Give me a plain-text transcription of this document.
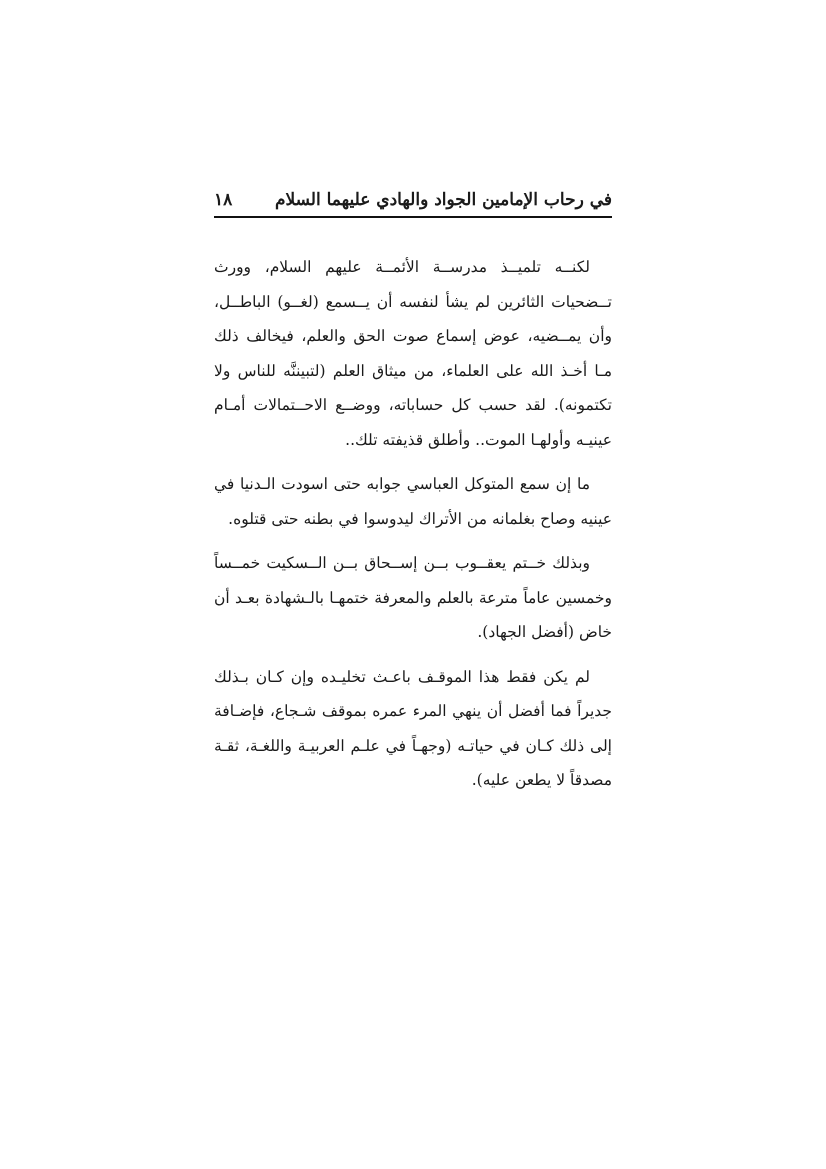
في رحاب الإمامين الجواد والهادي عليهما السلام
١٨

لكنــه تلميــذ مدرســة الأئمــة عليهم السلام، وورث تــضحيات الثائرين لم يشأ لنفسه أن يــسمع (لغــو) الباطــل، وأن يمــضيه، عوض إسماع صوت الحق والعلم، فيخالف ذلك مـا أخـذ الله على العلماء، من ميثاق العلم (لتبيننَّه للناس ولا تكتمونه). لقد حسب كل حساباته، ووضــع الاحــتمالات أمـام عينيـه وأولهـا الموت.. وأطلق قذيفته تلك..

ما إن سمع المتوكل العباسي جوابه حتى اسودت الـدنيا في عينيه وصاح بغلمانه من الأتراك ليدوسوا في بطنه حتى قتلوه.

وبذلك خــتم يعقــوب بــن إســحاق بــن الــسكيت خمــساً وخمسين عاماً مترعة بالعلم والمعرفة ختمهـا بالـشهادة بعـد أن خاض (أفضل الجهاد).

لم يكن فقط هذا الموقـف باعـث تخليـده وإن كـان بـذلك جديراً فما أفضل أن ينهي المرء عمره بموقف شـجاع، فإضـافة إلى ذلك كـان في حياتـه (وجهـاً في علـم العربيـة واللغـة، ثقـة مصدقاً لا يطعن عليه).
